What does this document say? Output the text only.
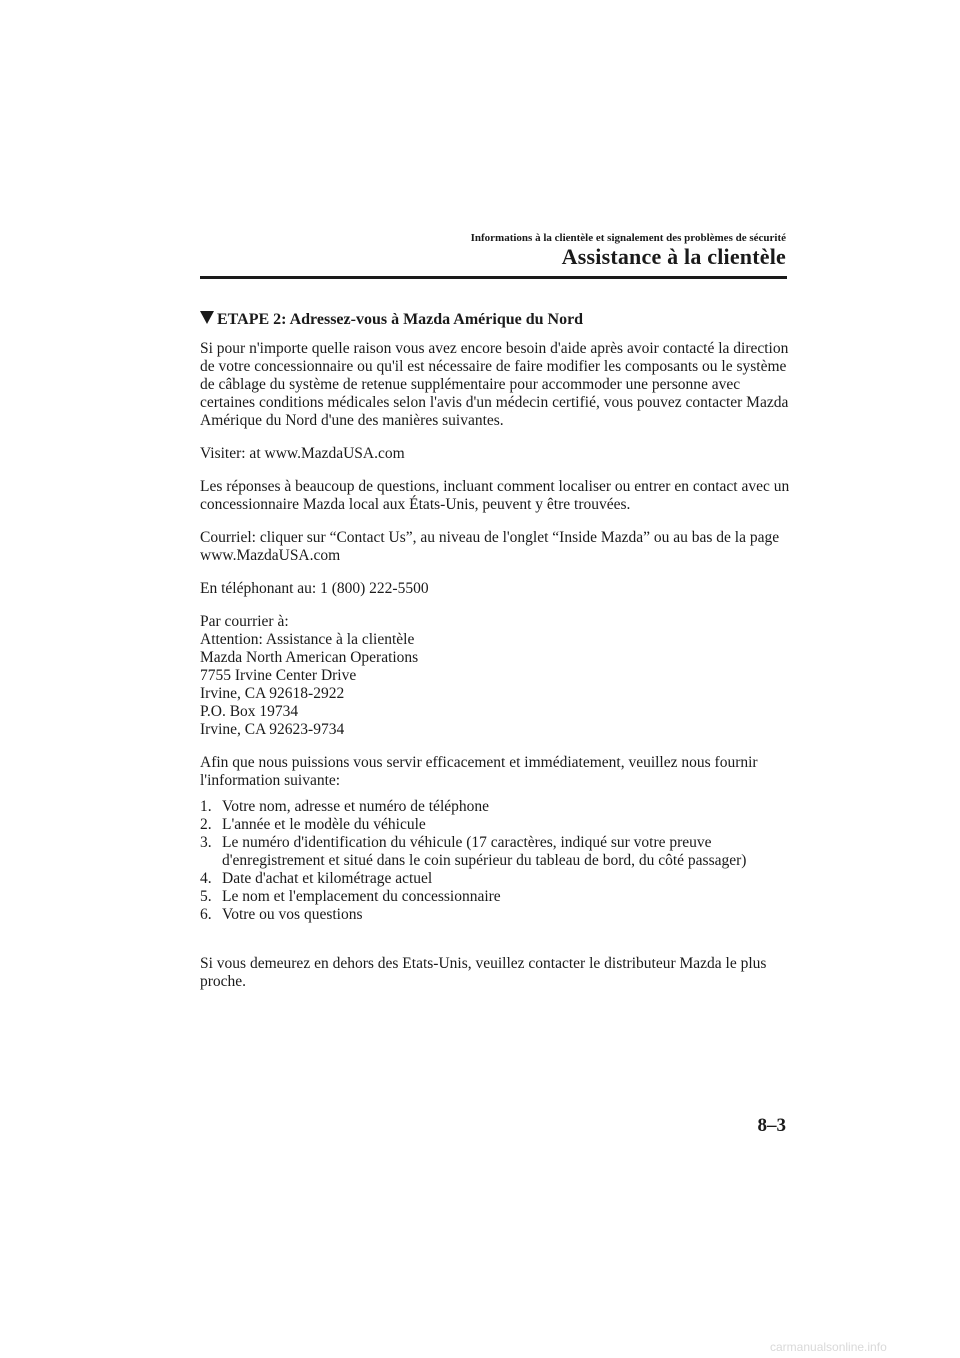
Informations à la clientèle et signalement des problèmes de sécurité
Assistance à la clientèle
ETAPE 2: Adressez-vous à Mazda Amérique du Nord

Si pour n'importe quelle raison vous avez encore besoin d'aide après avoir contacté la direction de votre concessionnaire ou qu'il est nécessaire de faire modifier les composants ou le système de câblage du système de retenue supplémentaire pour accommoder une personne avec certaines conditions médicales selon l'avis d'un médecin certifié, vous pouvez contacter Mazda Amérique du Nord d'une des manières suivantes.

Visiter: at www.MazdaUSA.com

Les réponses à beaucoup de questions, incluant comment localiser ou entrer en contact avec un concessionnaire Mazda local aux États-Unis, peuvent y être trouvées.

Courriel: cliquer sur “Contact Us”, au niveau de l'onglet “Inside Mazda” ou au bas de la page www.MazdaUSA.com

En téléphonant au: 1 (800) 222-5500

Par courrier à:
Attention: Assistance à la clientèle
Mazda North American Operations
7755 Irvine Center Drive
Irvine, CA 92618-2922
P.O. Box 19734
Irvine, CA 92623-9734

Afin que nous puissions vous servir efficacement et immédiatement, veuillez nous fournir l'information suivante:

1. Votre nom, adresse et numéro de téléphone
2. L'année et le modèle du véhicule
3. Le numéro d'identification du véhicule (17 caractères, indiqué sur votre preuve d'enregistrement et situé dans le coin supérieur du tableau de bord, du côté passager)
4. Date d'achat et kilométrage actuel
5. Le nom et l'emplacement du concessionnaire
6. Votre ou vos questions

Si vous demeurez en dehors des Etats-Unis, veuillez contacter le distributeur Mazda le plus proche.

8–3
carmanualsonline.info
